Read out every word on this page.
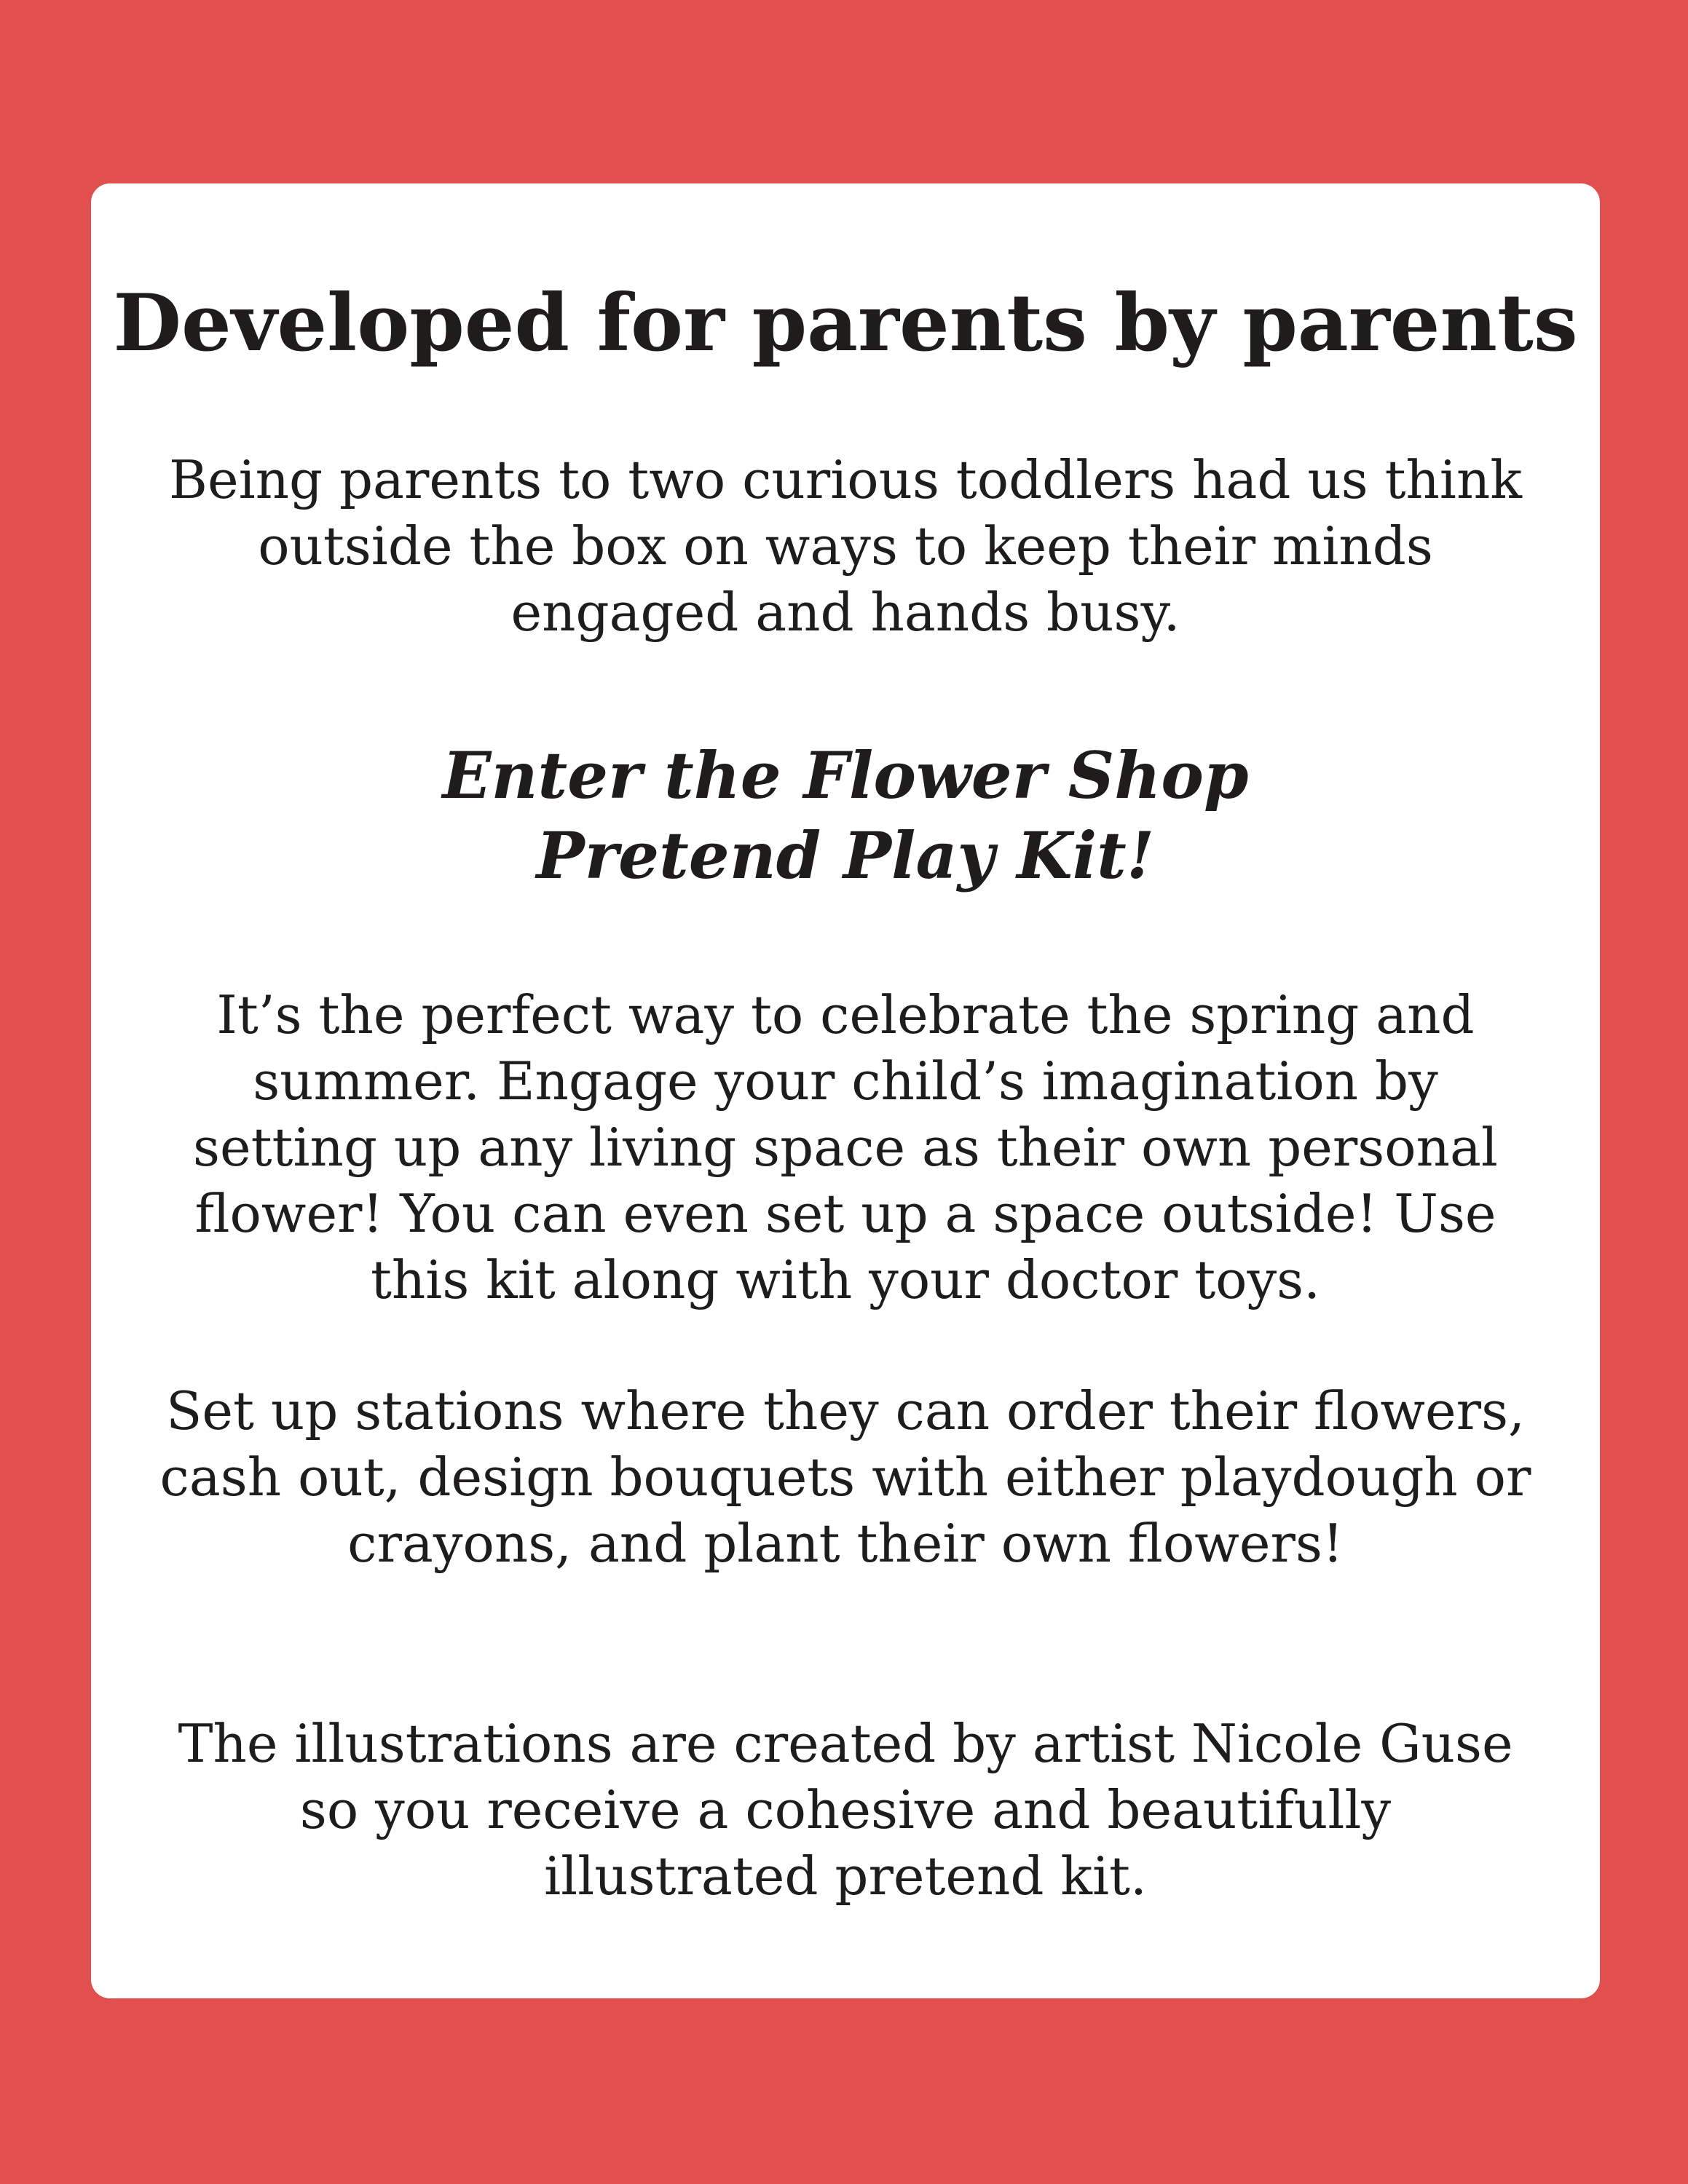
Developed for parents by parents

Being parents to two curious toddlers had us think
outside the box on ways to keep their minds
engaged and hands busy.

Enter the Flower Shop
Pretend Play Kit!

It’s the perfect way to celebrate the spring and
summer. Engage your child’s imagination by
setting up any living space as their own personal
flower! You can even set up a space outside! Use
this kit along with your doctor toys.

Set up stations where they can order their flowers,
cash out, design bouquets with either playdough or
crayons, and plant their own flowers!

The illustrations are created by artist Nicole Guse
so you receive a cohesive and beautifully
illustrated pretend kit.
